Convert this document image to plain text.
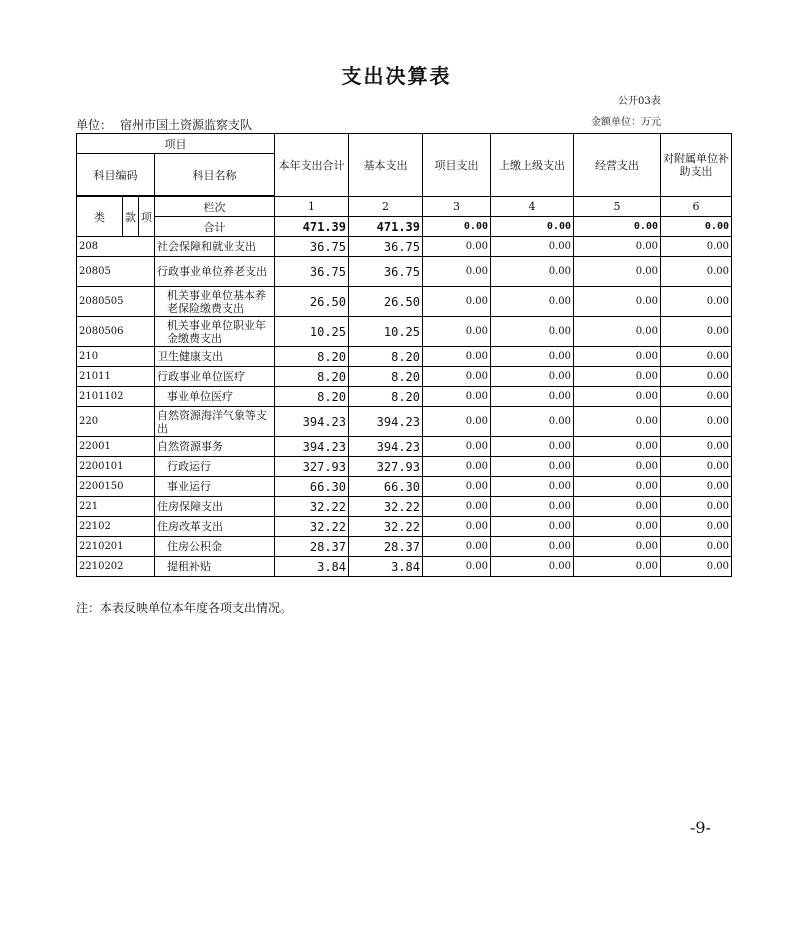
支出决算表
公开03表
单位： 宿州市国土资源监察支队	金额单位：万元
项目				本年支出合计	基本支出	项目支出	上缴上级支出	经营支出	对附属单位补助支出
科目编码			科目名称						

类	款	项	栏次	1	2	3	4	5	6
			合计	471.39	471.39	0.00	0.00	0.00	0.00
208			社会保障和就业支出	36.75	36.75	0.00	0.00	0.00	0.00
20805			行政事业单位养老支出	36.75	36.75	0.00	0.00	0.00	0.00
2080505			机关事业单位基本养老保险缴费支出	26.50	26.50	0.00	0.00	0.00	0.00
2080506			机关事业单位职业年金缴费支出	10.25	10.25	0.00	0.00	0.00	0.00
210			卫生健康支出	8.20	8.20	0.00	0.00	0.00	0.00
21011			行政事业单位医疗	8.20	8.20	0.00	0.00	0.00	0.00
2101102			事业单位医疗	8.20	8.20	0.00	0.00	0.00	0.00
220			自然资源海洋气象等支出	394.23	394.23	0.00	0.00	0.00	0.00
22001			自然资源事务	394.23	394.23	0.00	0.00	0.00	0.00
2200101			行政运行	327.93	327.93	0.00	0.00	0.00	0.00
2200150			事业运行	66.30	66.30	0.00	0.00	0.00	0.00
221			住房保障支出	32.22	32.22	0.00	0.00	0.00	0.00
22102			住房改革支出	32.22	32.22	0.00	0.00	0.00	0.00
2210201			住房公积金	28.37	28.37	0.00	0.00	0.00	0.00
2210202			提租补贴	3.84	3.84	0.00	0.00	0.00	0.00
注：本表反映单位本年度各项支出情况。
-9-
